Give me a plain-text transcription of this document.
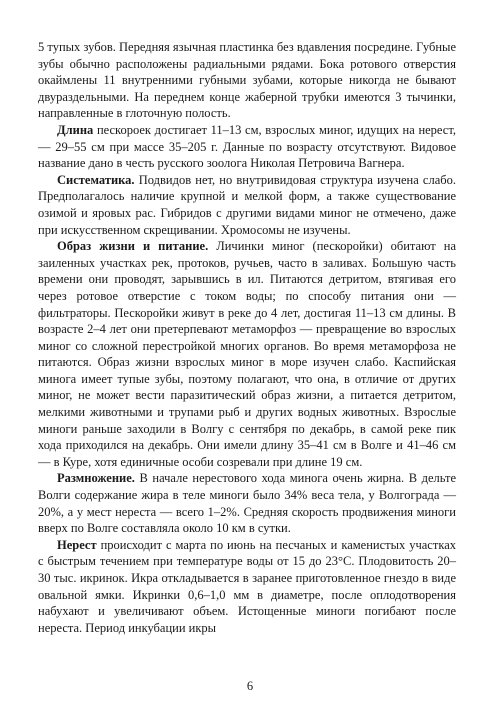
5 тупых зубов. Передняя язычная пластинка без вдавления посредине. Губные зубы обычно расположены радиальными рядами. Бока ротового отверстия окаймлены 11 внутренними губными зубами, которые никогда не бывают двураздельными. На переднем конце жаберной трубки имеются 3 тычинки, направленные в глоточную полость.

Длина пескороек достигает 11–13 см, взрослых миног, идущих на нерест, — 29–55 см при массе 35–205 г. Данные по возрасту отсутствуют. Видовое название дано в честь русского зоолога Николая Петровича Вагнера.

Систематика. Подвидов нет, но внутривидовая структура изучена слабо. Предполагалось наличие крупной и мелкой форм, а также существование озимой и яровых рас. Гибридов с другими видами миног не отмечено, даже при искусственном скрещивании. Хромосомы не изучены.

Образ жизни и питание. Личинки миног (пескоройки) обитают на заиленных участках рек, протоков, ручьев, часто в заливах. Большую часть времени они проводят, зарывшись в ил. Питаются детритом, втягивая его через ротовое отверстие с током воды; по способу питания они — фильтраторы. Пескоройки живут в реке до 4 лет, достигая 11–13 см длины. В возрасте 2–4 лет они претерпевают метаморфоз — превращение во взрослых миног со сложной перестройкой многих органов. Во время метаморфоза не питаются. Образ жизни взрослых миног в море изучен слабо. Каспийская минога имеет тупые зубы, поэтому полагают, что она, в отличие от других миног, не может вести паразитический образ жизни, а питается детритом, мелкими животными и трупами рыб и других водных животных. Взрослые миноги раньше заходили в Волгу с сентября по декабрь, в самой реке пик хода приходился на декабрь. Они имели длину 35–41 см в Волге и 41–46 см — в Куре, хотя единичные особи созревали при длине 19 см.

Размножение. В начале нерестового хода минога очень жирна. В дельте Волги содержание жира в теле миноги было 34% веса тела, у Волгограда — 20%, а у мест нереста — всего 1–2%. Средняя скорость продвижения миноги вверх по Волге составляла около 10 км в сутки.

Нерест происходит с марта по июнь на песчаных и каменистых участках с быстрым течением при температуре воды от 15 до 23°С. Плодовитость 20–30 тыс. икринок. Икра откладывается в заранее приготовленное гнездо в виде овальной ямки. Икринки 0,6–1,0 мм в диаметре, после оплодотворения набухают и увеличивают объем. Истощенные миноги погибают после нереста. Период инкубации икры

6
